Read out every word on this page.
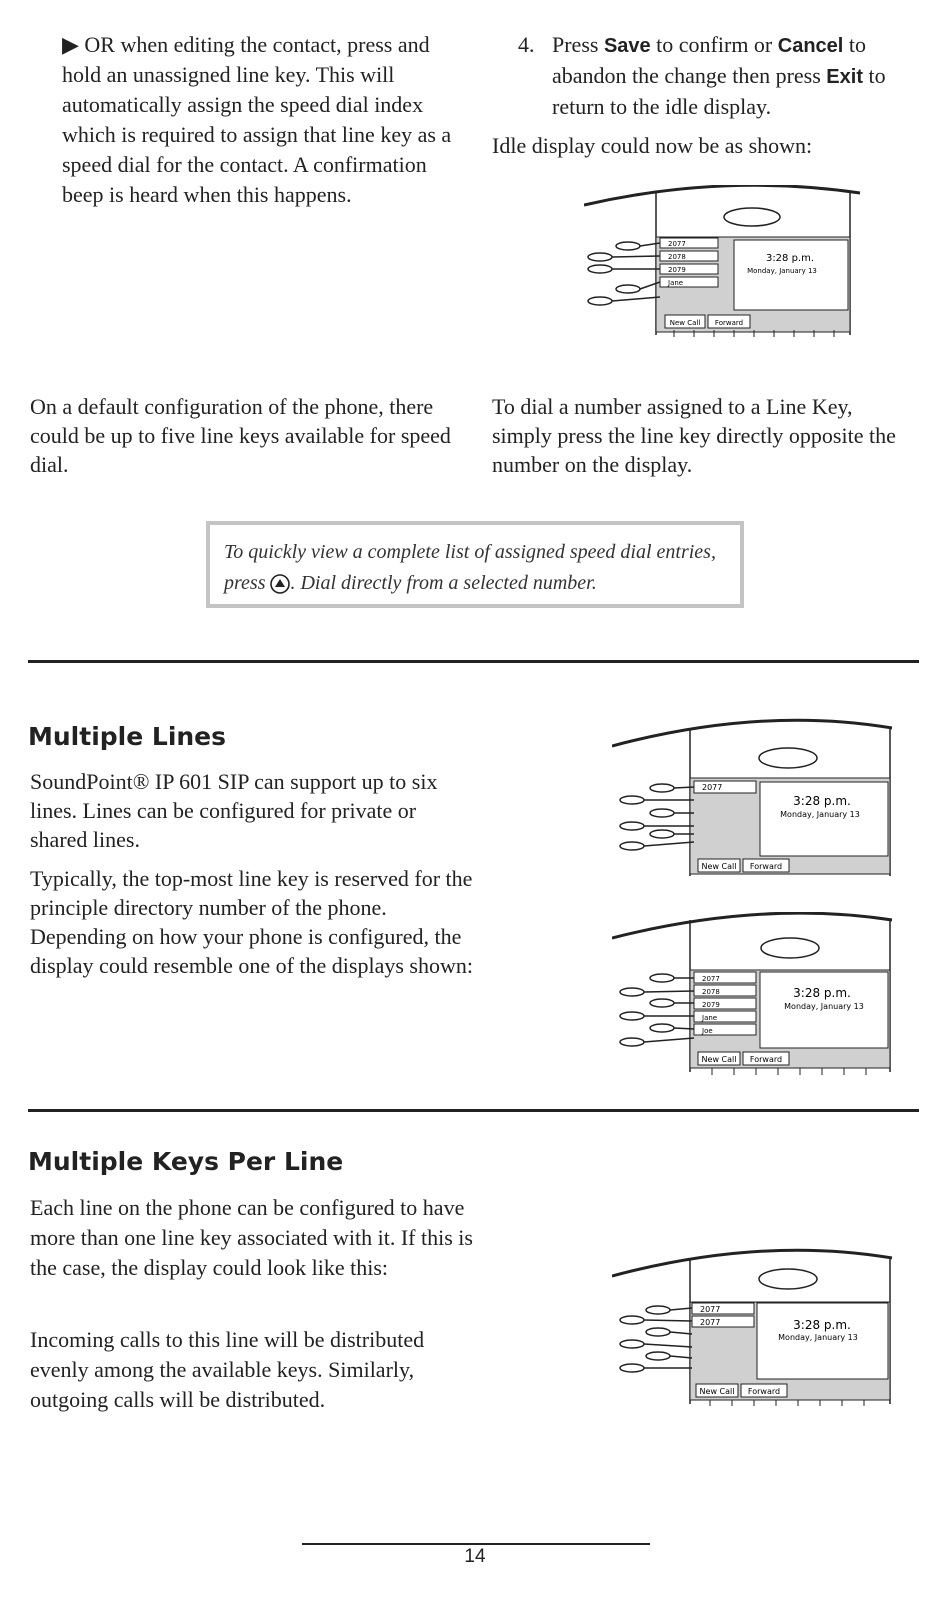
▶ OR when editing the contact, press and hold an unassigned line key. This will automatically assign the speed dial index which is required to assign that line key as a speed dial for the contact. A confirmation beep is heard when this happens.
4. Press Save to confirm or Cancel to abandon the change then press Exit to return to the idle display.
Idle display could now be as shown:
3:28 p.m.
Monday, January 13
2077
2078
2079
Jane
New Call Forward
On a default configuration of the phone, there could be up to five line keys available for speed dial.
To dial a number assigned to a Line Key, simply press the line key directly opposite the number on the display.
To quickly view a complete list of assigned speed dial entries, press . Dial directly from a selected number.
Multiple Lines
SoundPoint® IP 601 SIP can support up to six lines. Lines can be configured for private or shared lines.
Typically, the top-most line key is reserved for the principle directory number of the phone. Depending on how your phone is configured, the display could resemble one of the displays shown:
3:28 p.m.
Monday, January 13
2077
New Call Forward
3:28 p.m.
Monday, January 13
2077
2078
2079
Jane
Joe
New Call Forward
Multiple Keys Per Line
Each line on the phone can be configured to have more than one line key associated with it. If this is the case, the display could look like this:
Incoming calls to this line will be distributed evenly among the available keys. Similarly, outgoing calls will be distributed.
3:28 p.m.
Monday, January 13
2077
2077
New Call Forward
14
